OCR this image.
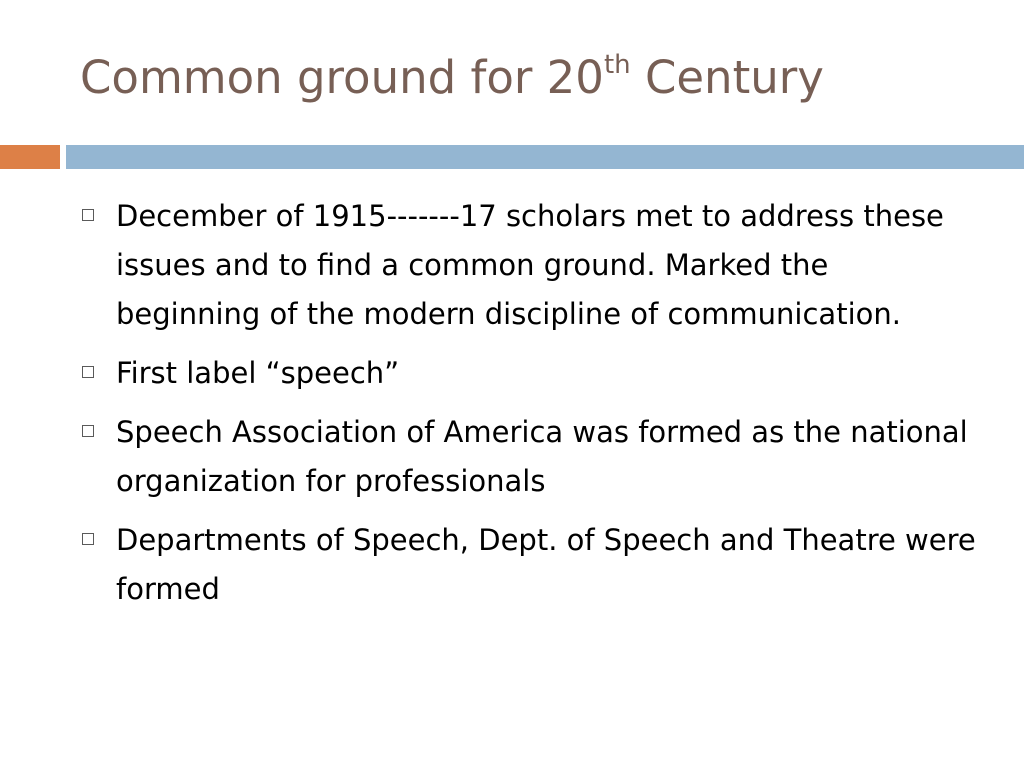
Common ground for 20th Century
December of 1915-------17 scholars met to address these issues and to find a common ground. Marked the beginning of the modern discipline of communication.
First label “speech”
Speech Association of America was formed as the national organization for professionals
Departments of Speech, Dept. of Speech and Theatre were formed
